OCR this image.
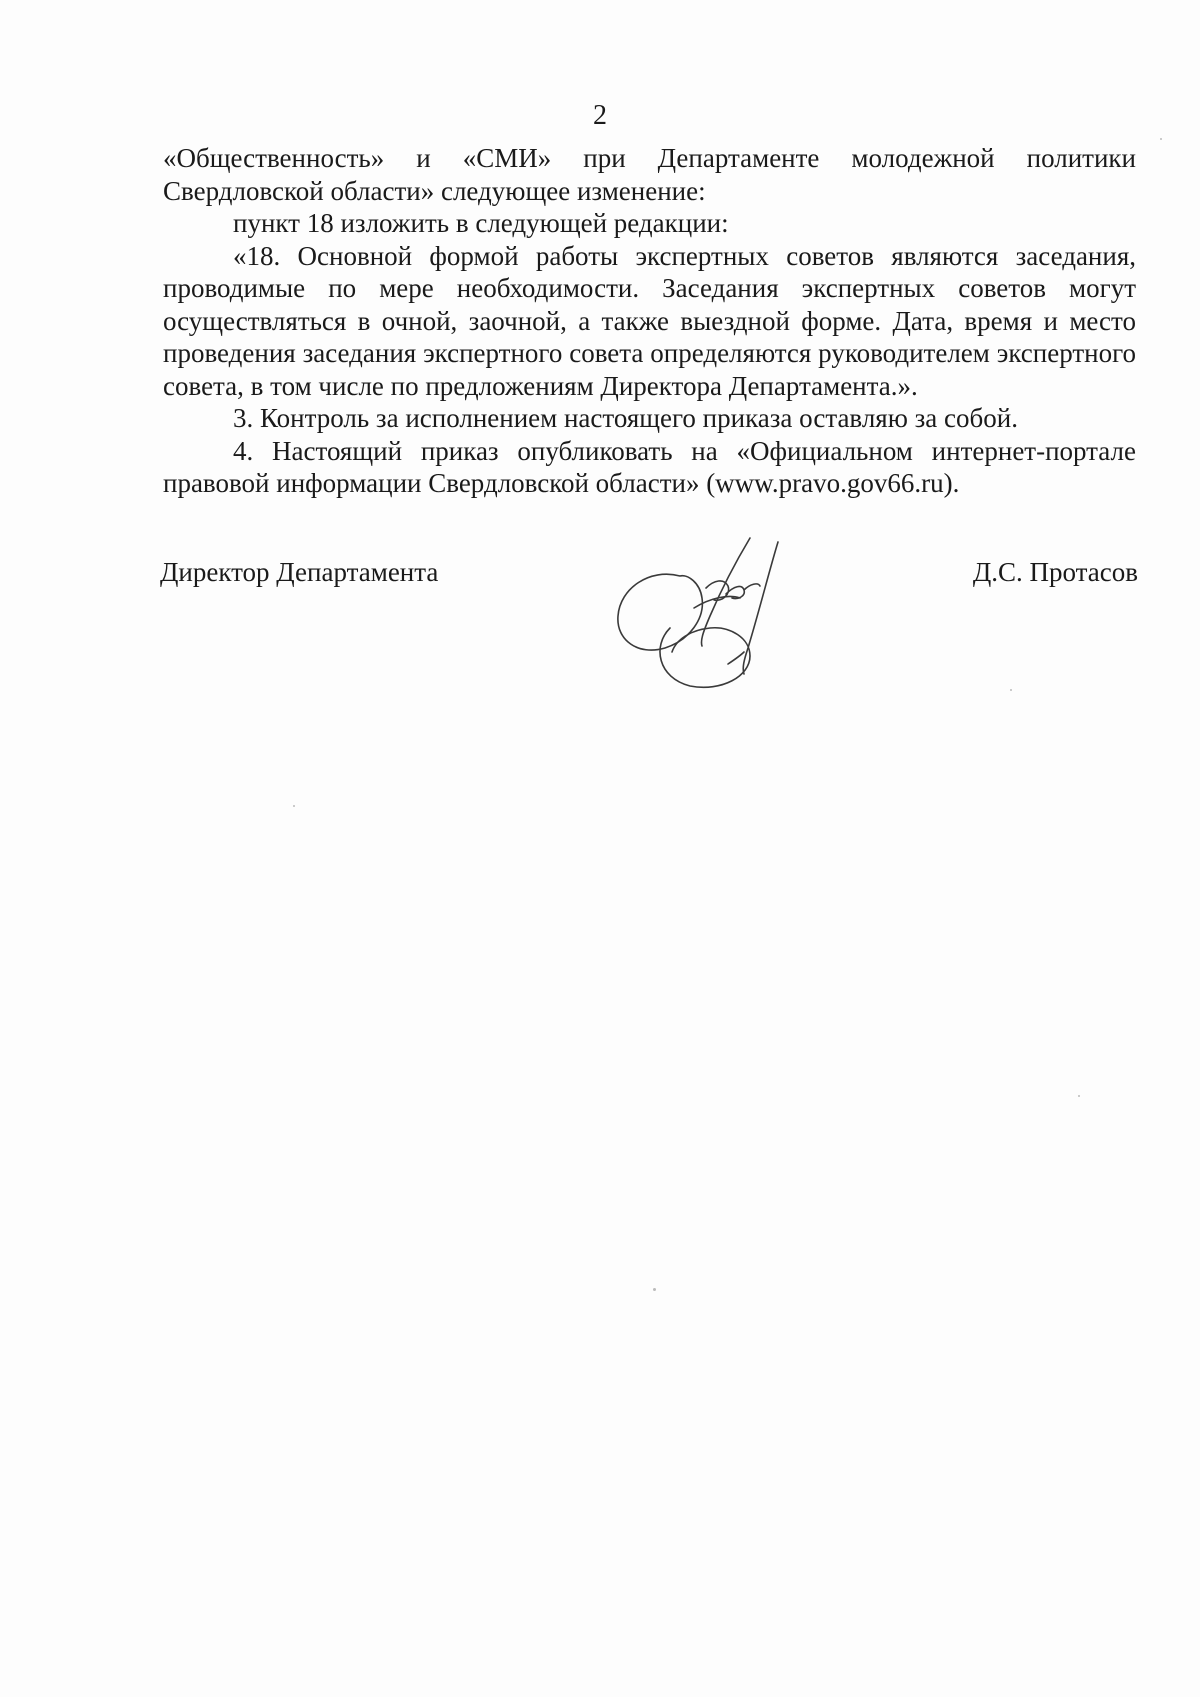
2

«Общественность» и «СМИ» при Департаменте молодежной политики

Свердловской области» следующее изменение:

пункт 18 изложить в следующей редакции:

«18. Основной формой работы экспертных советов являются заседания, проводимые по мере необходимости. Заседания экспертных советов могут осуществляться в очной, заочной, а также выездной форме. Дата, время и место проведения заседания экспертного совета определяются руководителем экспертного совета, в том числе по предложениям Директора Департамента.».

3. Контроль за исполнением настоящего приказа оставляю за собой.

4. Настоящий приказ опубликовать на «Официальном интернет-портале правовой информации Свердловской области» (www.pravo.gov66.ru).

Директор Департамента	Д.С. Протасов
